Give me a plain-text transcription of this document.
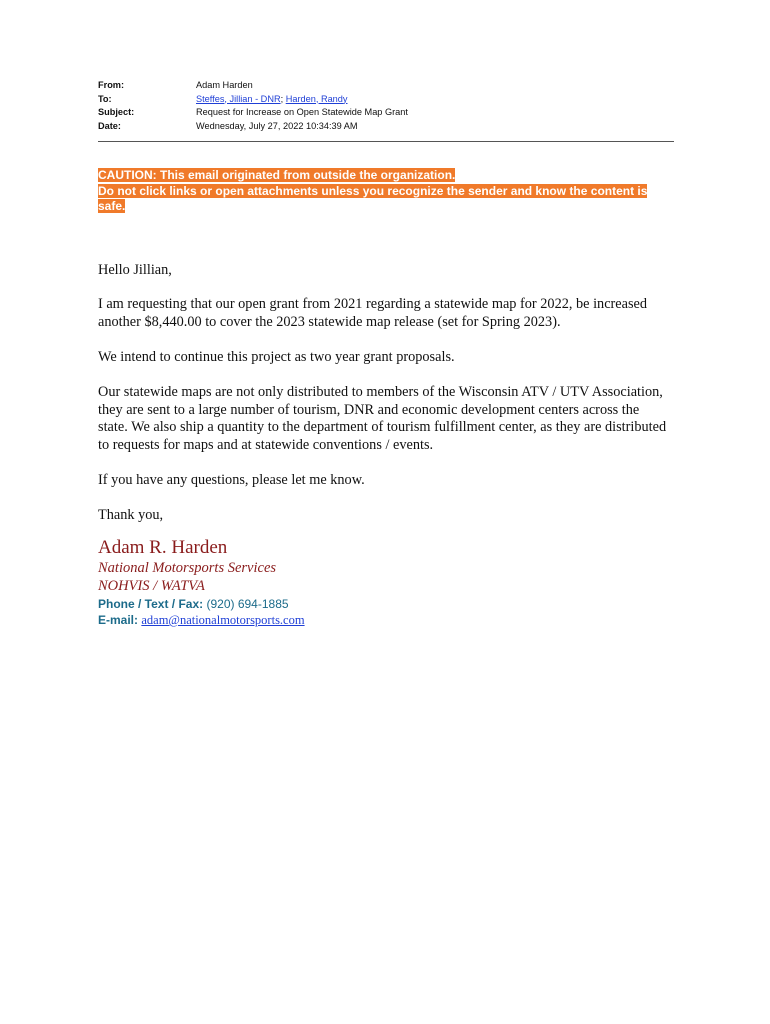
From:	Adam Harden
To:	Steffes, Jillian - DNR; Harden, Randy
Subject:	Request for Increase on Open Statewide Map Grant
Date:	Wednesday, July 27, 2022 10:34:39 AM
CAUTION: This email originated from outside the organization.
Do not click links or open attachments unless you recognize the sender and know the content is safe.

Hello Jillian,

I am requesting that our open grant from 2021 regarding a statewide map for 2022, be increased another $8,440.00 to cover the 2023 statewide map release (set for Spring 2023).

We intend to continue this project as two year grant proposals.

Our statewide maps are not only distributed to members of the Wisconsin ATV / UTV Association, they are sent to a large number of tourism, DNR and economic development centers across the state. We also ship a quantity to the department of tourism fulfillment center, as they are distributed to requests for maps and at statewide conventions / events.

If you have any questions, please let me know.

Thank you,

Adam R. Harden
National Motorsports Services
NOHVIS / WATVA
Phone / Text / Fax: (920) 694-1885
E-mail: adam@nationalmotorsports.com
